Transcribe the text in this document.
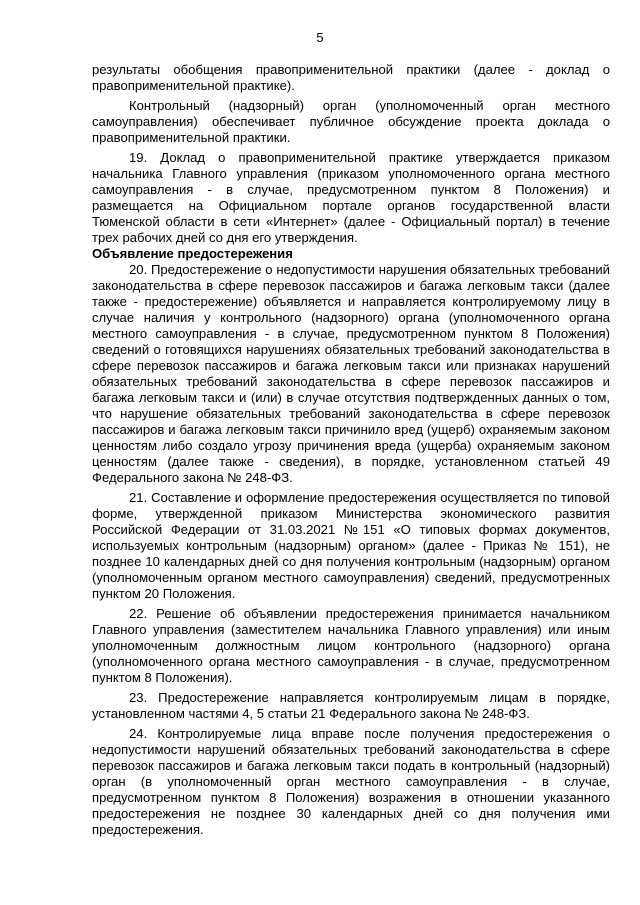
5

результаты обобщения правоприменительной практики (далее - доклад о правоприменительной практике).

Контрольный (надзорный) орган (уполномоченный орган местного самоуправления) обеспечивает публичное обсуждение проекта доклада о правоприменительной практики.

19. Доклад о правоприменительной практике утверждается приказом начальника Главного управления (приказом уполномоченного органа местного самоуправления - в случае, предусмотренном пунктом 8 Положения) и размещается на Официальном портале органов государственной власти Тюменской области в сети «Интернет» (далее - Официальный портал) в течение трех рабочих дней со дня его утверждения.

Объявление предостережения

20. Предостережение о недопустимости нарушения обязательных требований законодательства в сфере перевозок пассажиров и багажа легковым такси (далее также - предостережение) объявляется и направляется контролируемому лицу в случае наличия у контрольного (надзорного) органа (уполномоченного органа местного самоуправления - в случае, предусмотренном пунктом 8 Положения) сведений о готовящихся нарушениях обязательных требований законодательства в сфере перевозок пассажиров и багажа легковым такси или признаках нарушений обязательных требований законодательства в сфере перевозок пассажиров и багажа легковым такси и (или) в случае отсутствия подтвержденных данных о том, что нарушение обязательных требований законодательства в сфере перевозок пассажиров и багажа легковым такси причинило вред (ущерб) охраняемым законом ценностям либо создало угрозу причинения вреда (ущерба) охраняемым законом ценностям (далее также - сведения), в порядке, установленном статьей 49 Федерального закона № 248-ФЗ.

21. Составление и оформление предостережения осуществляется по типовой форме, утвержденной приказом Министерства экономического развития Российской Федерации от 31.03.2021 №151 «О типовых формах документов, используемых контрольным (надзорным) органом» (далее - Приказ № 151), не позднее 10 календарных дней со дня получения контрольным (надзорным) органом (уполномоченным органом местного самоуправления) сведений, предусмотренных пунктом 20 Положения.

22. Решение об объявлении предостережения принимается начальником Главного управления (заместителем начальника Главного управления) или иным уполномоченным должностным лицом контрольного (надзорного) органа (уполномоченного органа местного самоуправления - в случае, предусмотренном пунктом 8 Положения).

23. Предостережение направляется контролируемым лицам в порядке, установленном частями 4, 5 статьи 21 Федерального закона № 248-ФЗ.

24. Контролируемые лица вправе после получения предостережения о недопустимости нарушений обязательных требований законодательства в сфере перевозок пассажиров и багажа легковым такси подать в контрольный (надзорный) орган (в уполномоченный орган местного самоуправления - в случае, предусмотренном пунктом 8 Положения) возражения в отношении указанного предостережения не позднее 30 календарных дней со дня получения ими предостережения.
